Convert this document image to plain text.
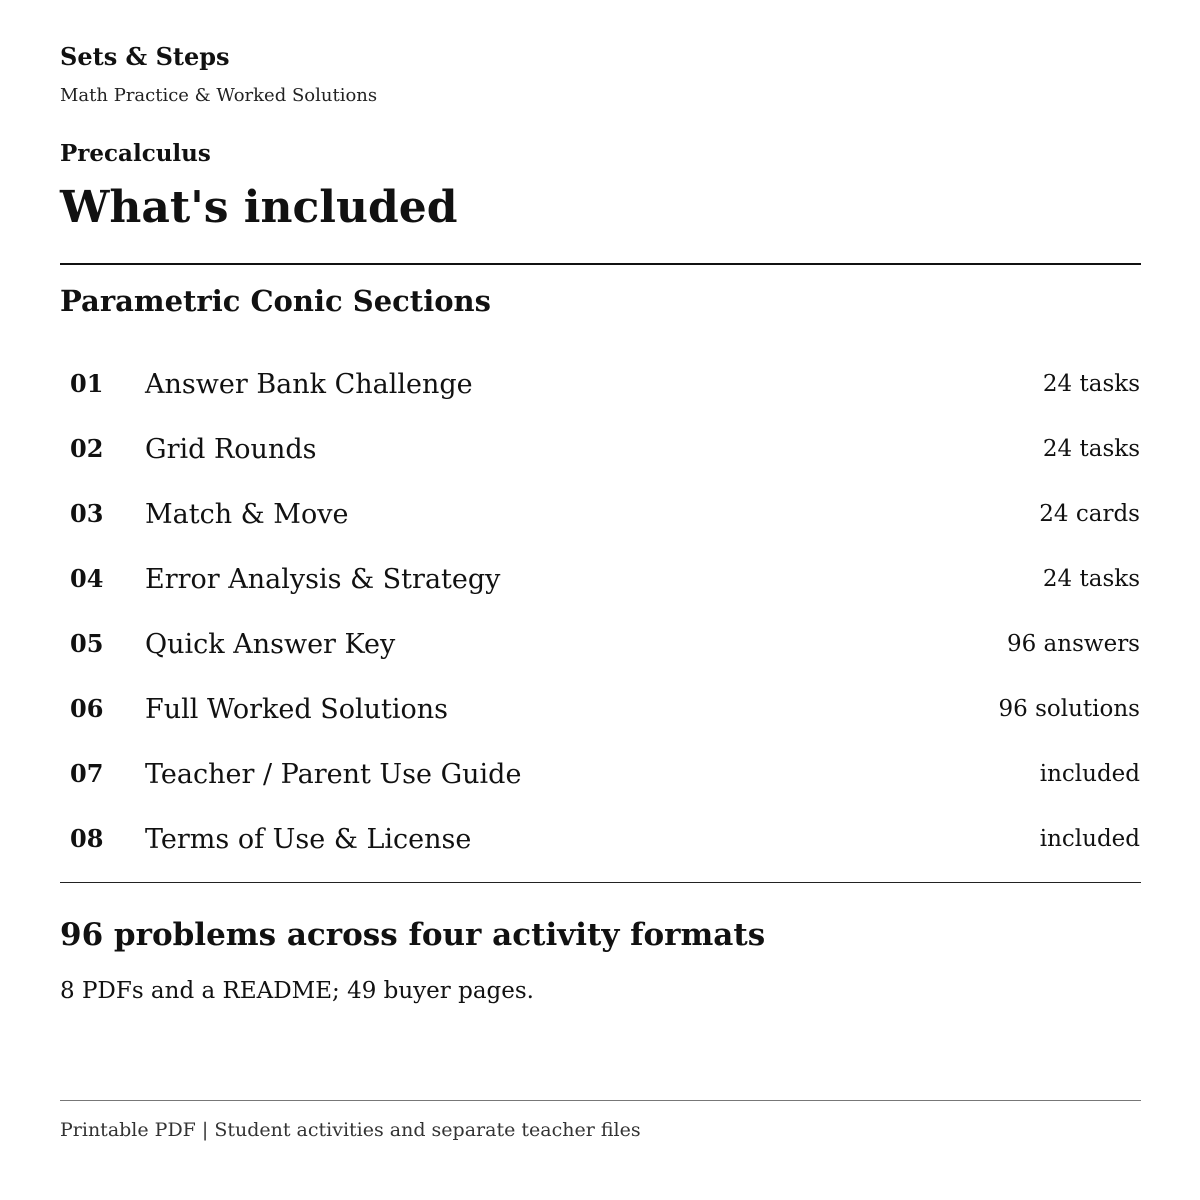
Sets & Steps
Math Practice & Worked Solutions
Precalculus
What's included
Parametric Conic Sections
01 Answer Bank Challenge	24 tasks
02 Grid Rounds	24 tasks
03 Match & Move	24 cards
04 Error Analysis & Strategy	24 tasks
05 Quick Answer Key	96 answers
06 Full Worked Solutions	96 solutions
07 Teacher / Parent Use Guide	included
08 Terms of Use & License	included
96 problems across four activity formats

8 PDFs and a README; 49 buyer pages.

Printable PDF | Student activities and separate teacher files
